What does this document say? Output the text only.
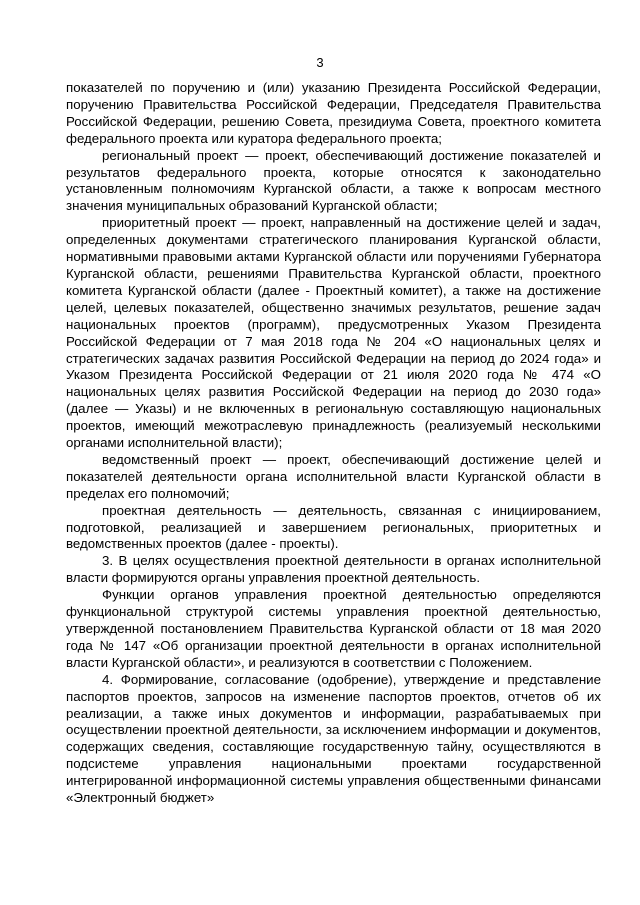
3

показателей по поручению и (или) указанию Президента Российской Федерации, поручению Правительства Российской Федерации, Председателя Правительства Российской Федерации, решению Совета, президиума Совета, проектного комитета федерального проекта или куратора федерального проекта;

региональный проект — проект, обеспечивающий достижение показателей и результатов федерального проекта, которые относятся к законодательно установленным полномочиям Курганской области, а также к вопросам местного значения муниципальных образований Курганской области;

приоритетный проект — проект, направленный на достижение целей и задач, определенных документами стратегического планирования Курганской области, нормативными правовыми актами Курганской области или поручениями Губернатора Курганской области, решениями Правительства Курганской области, проектного комитета Курганской области (далее - Проектный комитет), а также на достижение целей, целевых показателей, общественно значимых результатов, решение задач национальных проектов (программ), предусмотренных Указом Президента Российской Федерации от 7 мая 2018 года № 204 «О национальных целях и стратегических задачах развития Российской Федерации на период до 2024 года» и Указом Президента Российской Федерации от 21 июля 2020 года № 474 «О национальных целях развития Российской Федерации на период до 2030 года» (далее — Указы) и не включенных в региональную составляющую национальных проектов, имеющий межотраслевую принадлежность (реализуемый несколькими органами исполнительной власти);

ведомственный проект — проект, обеспечивающий достижение целей и показателей деятельности органа исполнительной власти Курганской области в пределах его полномочий;

проектная деятельность — деятельность, связанная с инициированием, подготовкой, реализацией и завершением региональных, приоритетных и ведомственных проектов (далее - проекты).

3. В целях осуществления проектной деятельности в органах исполнительной власти формируются органы управления проектной деятельность.

Функции органов управления проектной деятельностью определяются функциональной структурой системы управления проектной деятельностью, утвержденной постановлением Правительства Курганской области от 18 мая 2020 года № 147 «Об организации проектной деятельности в органах исполнительной власти Курганской области», и реализуются в соответствии с Положением.

4. Формирование, согласование (одобрение), утверждение и представление паспортов проектов, запросов на изменение паспортов проектов, отчетов об их реализации, а также иных документов и информации, разрабатываемых при осуществлении проектной деятельности, за исключением информации и документов, содержащих сведения, составляющие государственную тайну, осуществляются в подсистеме управления национальными проектами государственной интегрированной информационной системы управления общественными финансами «Электронный бюджет»
